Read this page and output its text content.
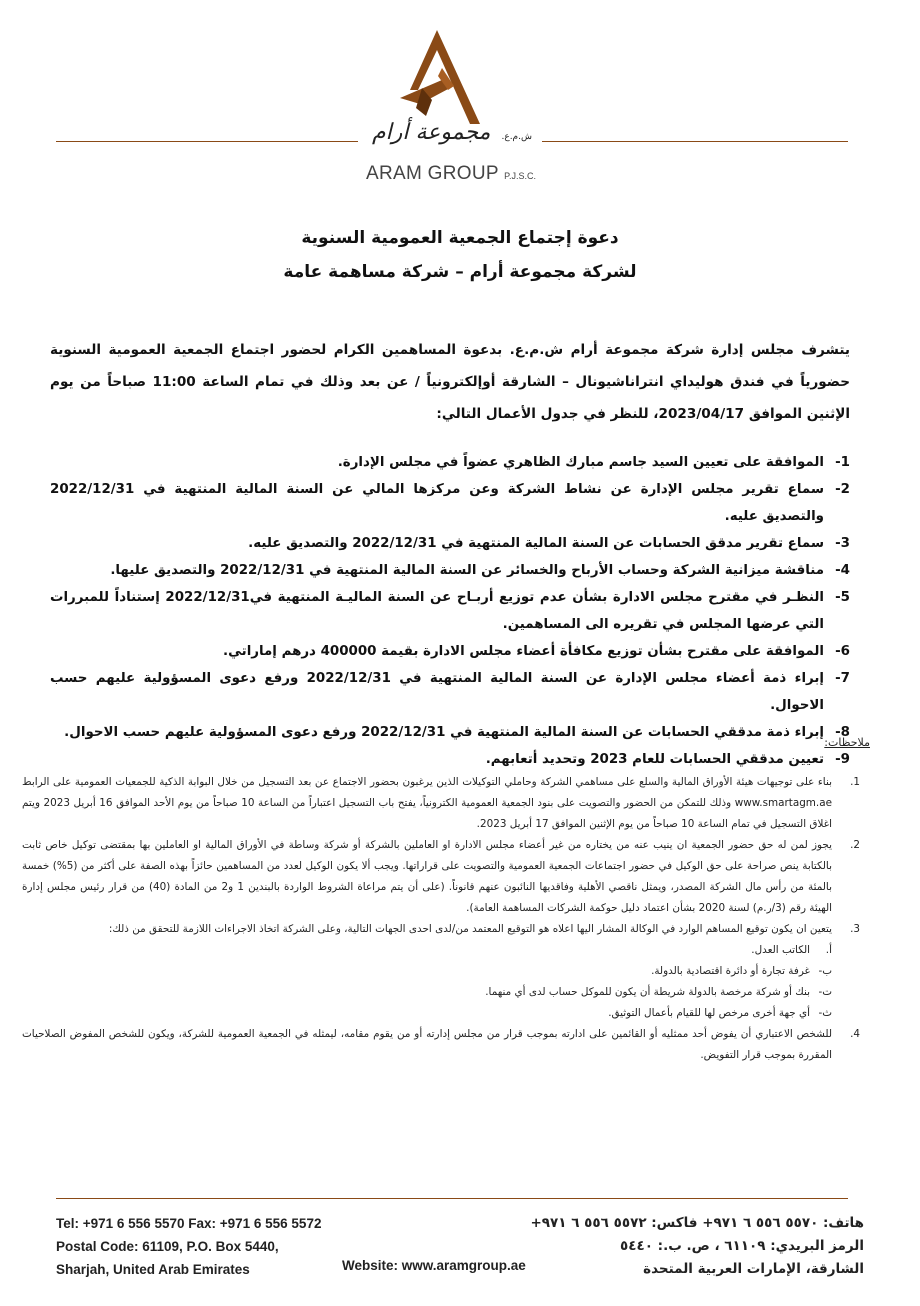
ش.م.ع. مجموعة أرام
ARAM GROUP P.J.S.C.
دعوة إجتماع الجمعية العمومية السنوية
لشركة مجموعة أرام – شركة مساهمة عامة
يتشرف مجلس إدارة شركة مجموعة أرام ش.م.ع. بدعوة المساهمين الكرام لحضور اجتماع الجمعية العمومية السنوية حضورياً في فندق هوليداي انتراناشيونال – الشارقة أوإلكترونياً / عن بعد وذلك في تمام الساعة 11:00 صباحاً من يوم الإثنين الموافق 2023/04/17، للنظر في جدول الأعمال التالي:
1-
الموافقة على تعيين السيد جاسم مبارك الظاهري عضواً في مجلس الإدارة.
2-
سماع تقرير مجلس الإدارة عن نشاط الشركة وعن مركزها المالي عن السنة المالية المنتهية في 2022/12/31 والتصديق عليه.
3-
سماع تقرير مدقق الحسابات عن السنة المالية المنتهية في 2022/12/31 والتصديق عليه.
4-
مناقشة ميزانية الشركة وحساب الأرباح والخسائر عن السنة المالية المنتهية في 2022/12/31 والتصديق عليها.
5-
النظـر في مقترح مجلس الادارة بشأن عدم توزيع أربـاح عن السنة الماليـة المنتهية في2022/12/31 إستناداً للمبررات التي عرضها المجلس في تقريره الى المساهمين.
6-
الموافقة على مقترح بشأن توزيع مكافأة أعضاء مجلس الادارة بقيمة 400000 درهم إماراتي.
7-
إبراء ذمة أعضاء مجلس الإدارة عن السنة المالية المنتهية في 2022/12/31 ورفع دعوى المسؤولية عليهم حسب الاحوال.
8-
إبراء ذمة مدققي الحسابات عن السنة المالية المنتهية في 2022/12/31 ورفع دعوى المسؤولية عليهم حسب الاحوال.
9-
تعيين مدققي الحسابات للعام 2023 وتحديد أتعابهم.
ملاحظات:
1.
بناء على توجيهات هيئة الأوراق المالية والسلع على مساهمي الشركة وحاملي التوكيلات الذين يرغبون بحضور الاجتماع عن بعد التسجيل من خلال البوابة الذكية للجمعيات العمومية على الرابط www.smartagm.ae وذلك للتمكن من الحضور والتصويت على بنود الجمعية العمومية الكترونياً، يفتح باب التسجيل اعتباراً من الساعة 10 صباحاً من يوم الأحد الموافق 16 أبريل 2023 ويتم اغلاق التسجيل في تمام الساعة 10 صباحاً من يوم الإثنين الموافق 17 أبريل 2023.
2.
يجوز لمن له حق حضور الجمعية ان ينيب عنه من يختاره من غير أعضاء مجلس الادارة او العاملين بالشركة أو شركة وساطة في الأوراق المالية او العاملين بها بمقتضى توكيل خاص ثابت بالكتابة ينص صراحة على حق الوكيل في حضور اجتماعات الجمعية العمومية والتصويت على قراراتها. ويجب ألا يكون الوكيل لعدد من المساهمين حائزاً بهذه الصفة على أكثر من (5%) خمسة بالمئة من رأس مال الشركة المصدر، ويمثل ناقصي الأهلية وفاقديها النائبون عنهم قانوناً. (على أن يتم مراعاة الشروط الواردة بالبندين 1 و2 من المادة (40) من قرار رئيس مجلس إدارة الهيئة رقم (3/ر.م) لسنة 2020 بشأن اعتماد دليل حوكمة الشركات المساهمة العامة).
3.
يتعين ان يكون توقيع المساهم الوارد في الوكالة المشار اليها اعلاه هو التوقيع المعتمد من/لدى احدى الجهات التالية، وعلى الشركة اتخاذ الاجراءات اللازمة للتحقق من ذلك:
أ.
الكاتب العدل.
ب-
غرفة تجارة أو دائرة اقتصادية بالدولة.
ت-
بنك أو شركة مرخصة بالدولة شريطة أن يكون للموكل حساب لدى أي منهما.
ث-
أي جهة أخرى مرخص لها للقيام بأعمال التوثيق.
4.
للشخص الاعتباري أن يفوض أحد ممثليه أو القائمين على ادارته بموجب قرار من مجلس إدارته أو من يقوم مقامه، ليمثله في الجمعية العمومية للشركة، ويكون للشخص المفوض الصلاحيات المقررة بموجب قرار التفويض.
Tel: +971 6 556 5570 Fax: +971 6 556 5572
Postal Code: 61109, P.O. Box 5440,
Sharjah, United Arab Emirates	Website: www.aramgroup.ae
هاتف: ٥٥٧٠ ٥٥٦ ٦ ٩٧١+ فاكس: ٥٥٧٢ ٥٥٦ ٦ ٩٧١+
الرمز البريدي: ٦١١٠٩ ، ص. ب.: ٥٤٤٠
الشارقة، الإمارات العربية المتحدة
